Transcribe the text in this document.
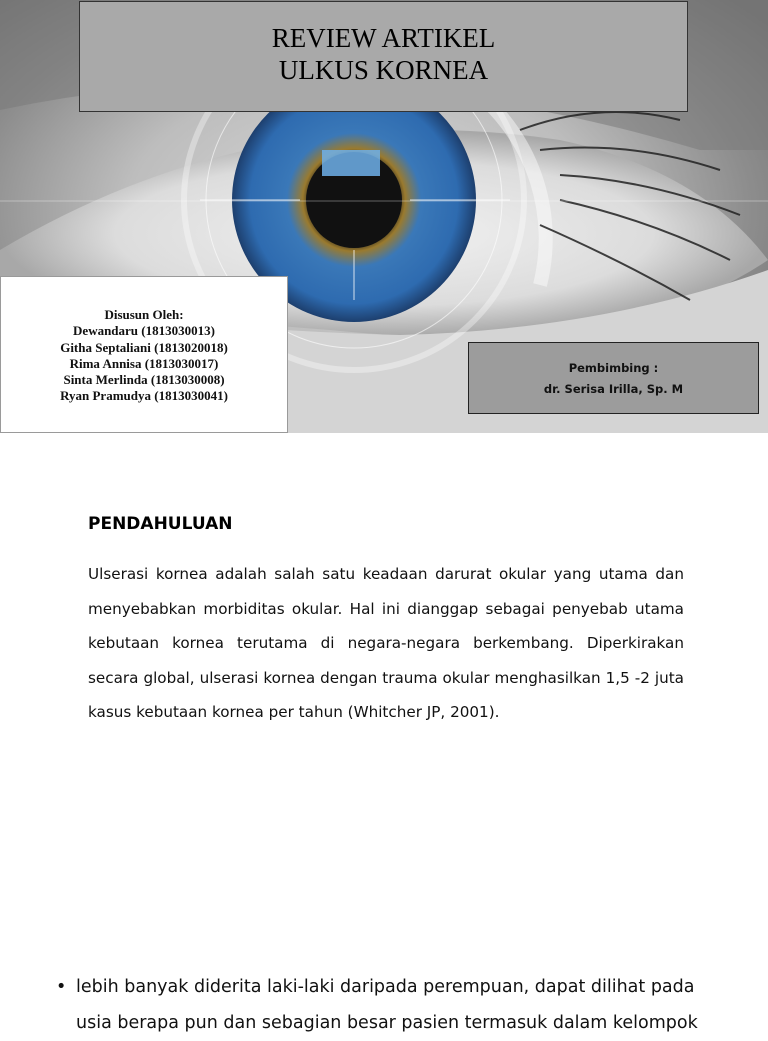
REVIEW ARTIKEL
ULKUS KORNEA
Disusun Oleh:
Dewandaru (1813030013)
Githa Septaliani (1813020018)
Rima Annisa (1813030017)
Sinta Merlinda (1813030008)
Ryan Pramudya (1813030041)
Pembimbing :
dr. Serisa Irilla, Sp. M
PENDAHULUAN

Ulserasi kornea adalah salah satu keadaan darurat okular yang utama dan menyebabkan morbiditas okular. Hal ini dianggap sebagai penyebab utama kebutaan kornea terutama di negara-negara berkembang. Diperkirakan secara global, ulserasi kornea dengan trauma okular menghasilkan 1,5 -2 juta kasus kebutaan kornea per tahun (Whitcher JP, 2001).

• lebih banyak diderita laki-laki daripada perempuan, dapat dilihat pada
usia berapa pun dan sebagian besar pasien termasuk dalam kelompok
